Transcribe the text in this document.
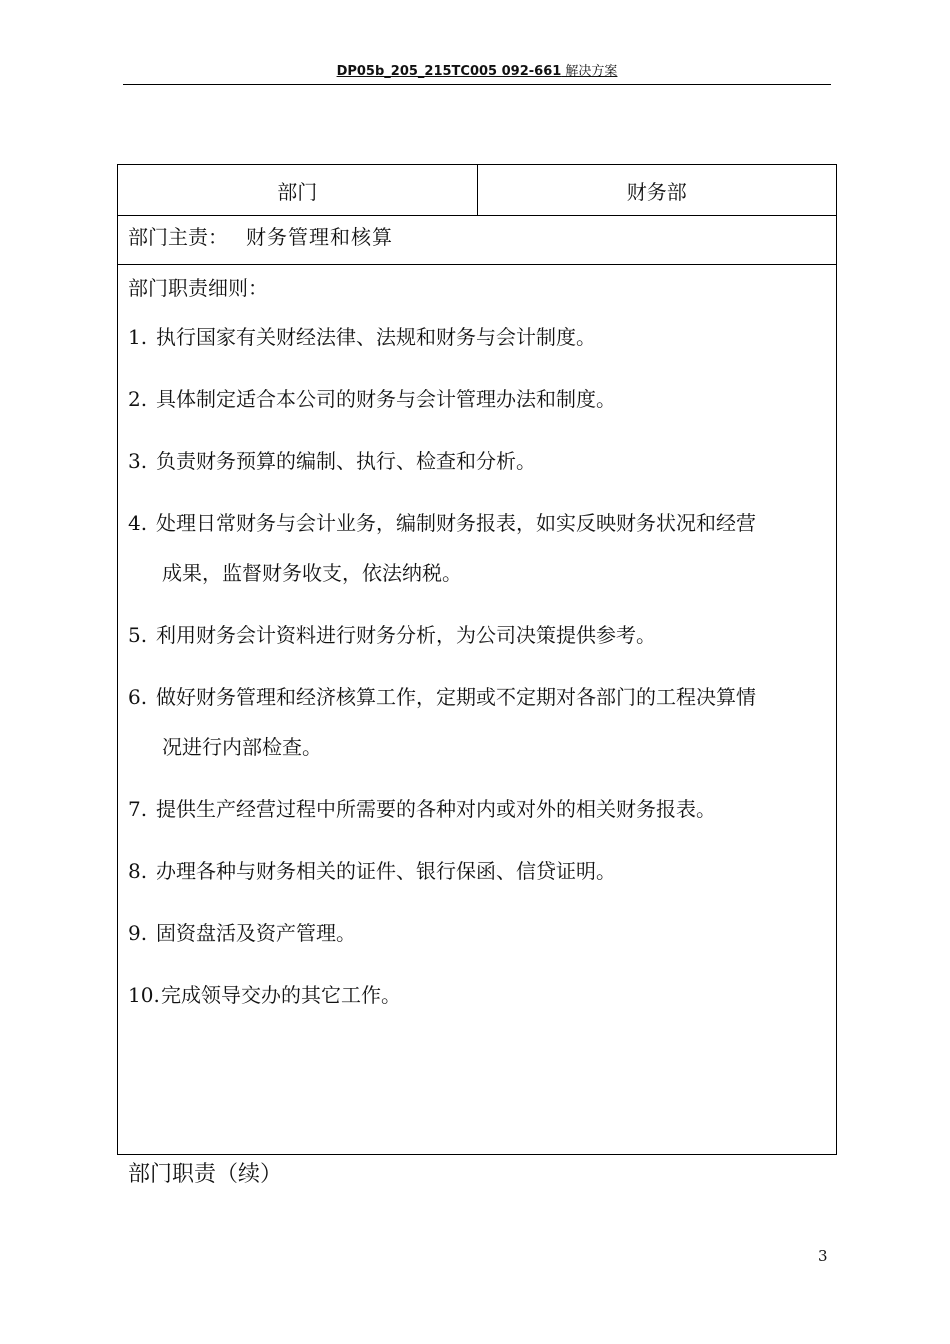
DP05b_205_215TC005 092-661 解决方案
部门	财务部
部门主责： 财务管理和核算
部门职责细则：
1. 执行国家有关财经法律、法规和财务与会计制度。
2. 具体制定适合本公司的财务与会计管理办法和制度。
3. 负责财务预算的编制、执行、检查和分析。
4. 处理日常财务与会计业务，编制财务报表，如实反映财务状况和经营
成果，监督财务收支，依法纳税。
5. 利用财务会计资料进行财务分析，为公司决策提供参考。
6. 做好财务管理和经济核算工作，定期或不定期对各部门的工程决算情
况进行内部检查。
7. 提供生产经营过程中所需要的各种对内或对外的相关财务报表。
8. 办理各种与财务相关的证件、银行保函、信贷证明。
9. 固资盘活及资产管理。
10. 完成领导交办的其它工作。
部门职责（续）
3
